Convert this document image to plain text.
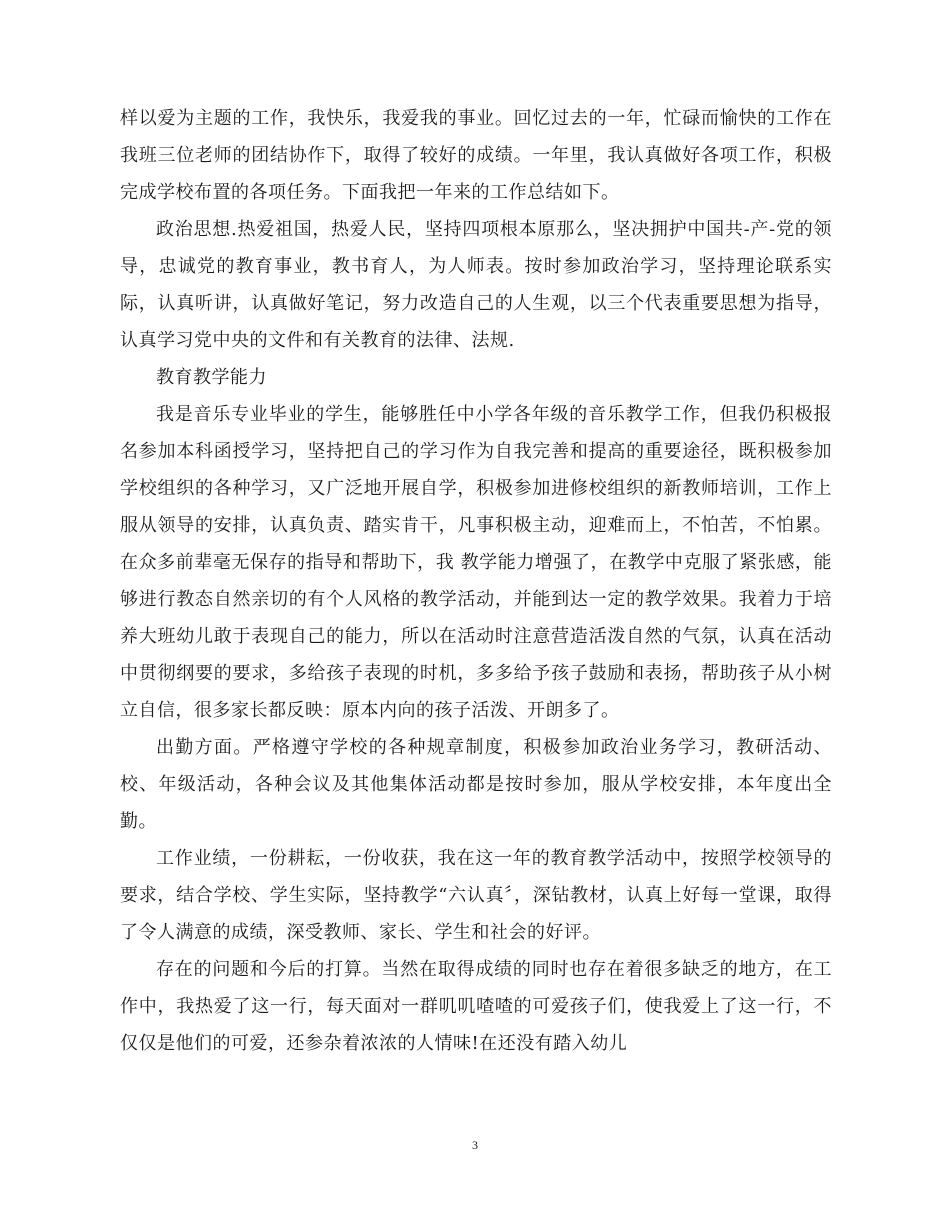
样以爱为主题的工作，我快乐，我爱我的事业。回忆过去的一年，忙碌而愉快的工作在我班三位老师的团结协作下，取得了较好的成绩。一年里，我认真做好各项工作，积极完成学校布置的各项任务。下面我把一年来的工作总结如下。

政治思想.热爱祖国，热爱人民，坚持四项根本原那么，坚决拥护中国共-产-党的领导，忠诚党的教育事业，教书育人，为人师表。按时参加政治学习，坚持理论联系实际，认真听讲，认真做好笔记，努力改造自己的人生观，以三个代表重要思想为指导，认真学习党中央的文件和有关教育的法律、法规.

教育教学能力

我是音乐专业毕业的学生，能够胜任中小学各年级的音乐教学工作，但我仍积极报名参加本科函授学习，坚持把自己的学习作为自我完善和提高的重要途径，既积极参加学校组织的各种学习，又广泛地开展自学，积极参加进修校组织的新教师培训，工作上服从领导的安排，认真负责、踏实肯干，凡事积极主动，迎难而上，不怕苦，不怕累。在众多前辈毫无保存的指导和帮助下，我 教学能力增强了，在教学中克服了紧张感，能够进行教态自然亲切的有个人风格的教学活动，并能到达一定的教学效果。我着力于培养大班幼儿敢于表现自己的能力，所以在活动时注意营造活泼自然的气氛，认真在活动中贯彻纲要的要求，多给孩子表现的时机，多多给予孩子鼓励和表扬，帮助孩子从小树立自信，很多家长都反映：原本内向的孩子活泼、开朗多了。

出勤方面。严格遵守学校的各种规章制度，积极参加政治业务学习，教研活动、校、年级活动，各种会议及其他集体活动都是按时参加，服从学校安排，本年度出全勤。

工作业绩，一份耕耘，一份收获，我在这一年的教育教学活动中，按照学校领导的要求，结合学校、学生实际，坚持教学“六认真〞，深钻教材，认真上好每一堂课，取得了令人满意的成绩，深受教师、家长、学生和社会的好评。

存在的问题和今后的打算。当然在取得成绩的同时也存在着很多缺乏的地方，在工作中，我热爱了这一行，每天面对一群叽叽喳喳的可爱孩子们，使我爱上了这一行，不仅仅是他们的可爱，还参杂着浓浓的人情味!在还没有踏入幼儿

3
